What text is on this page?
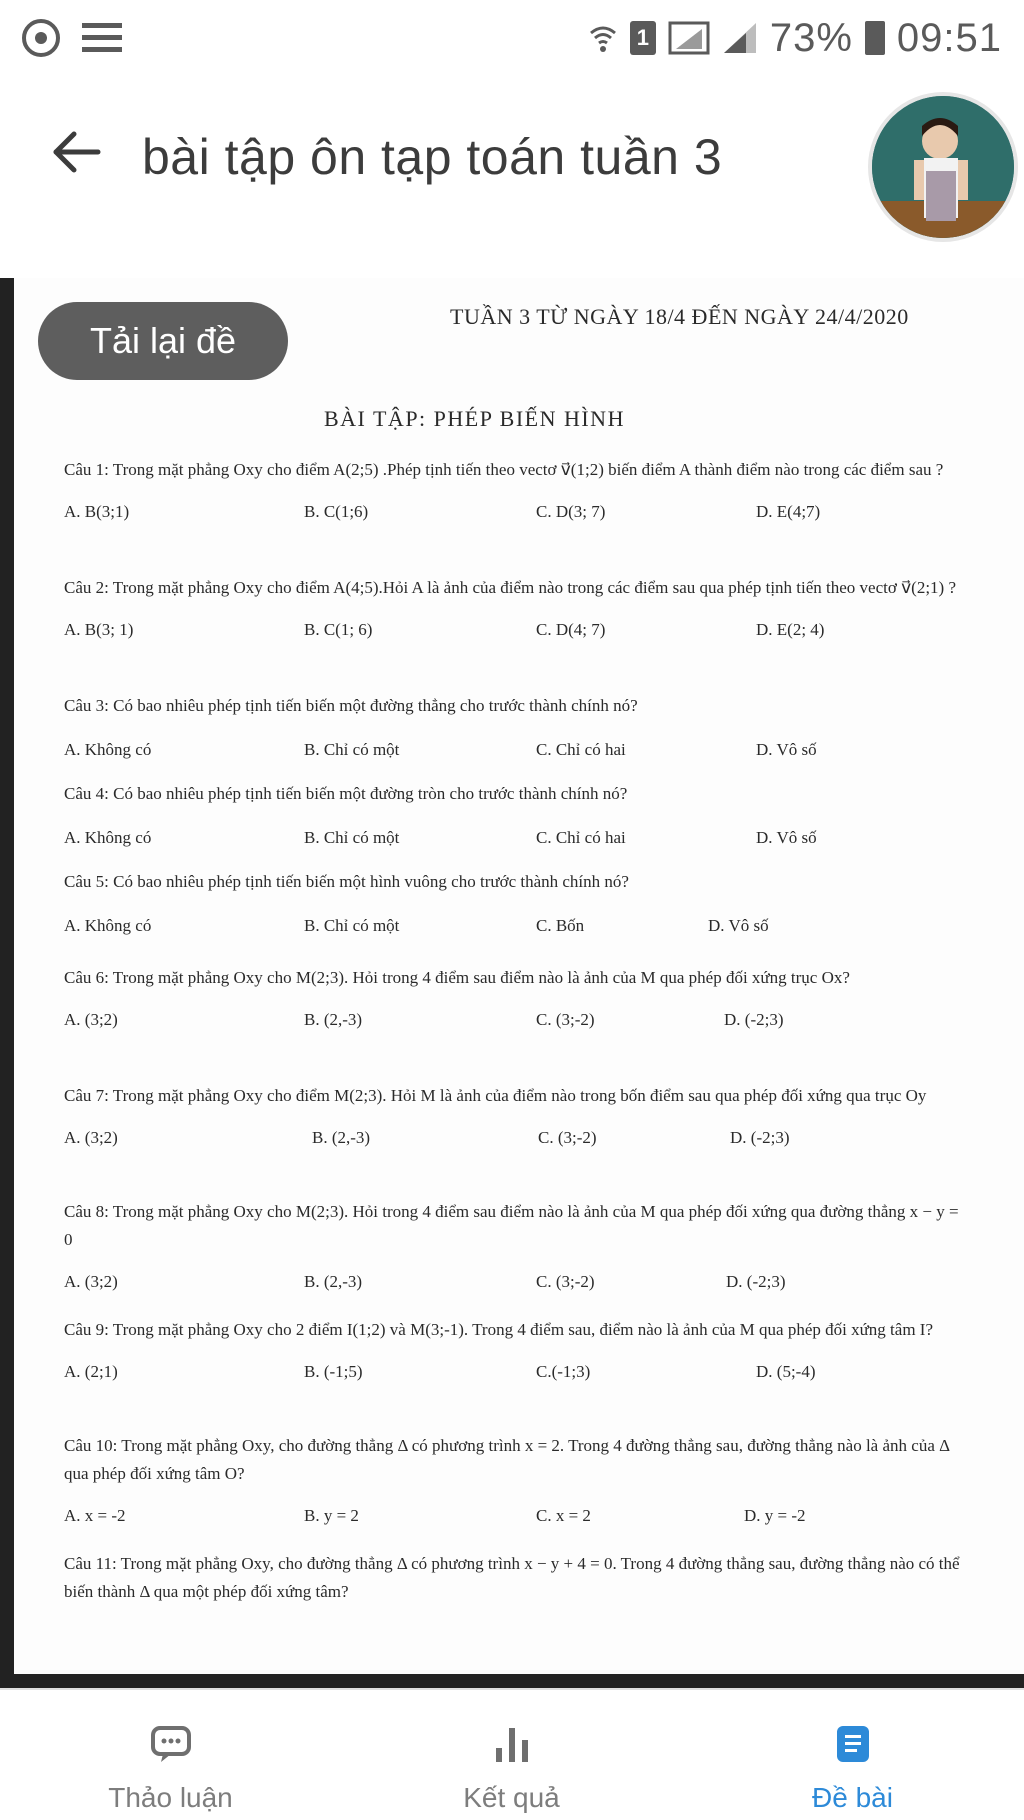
1	73% 09:51
bài tập ôn tạp toán tuần 3
Tải lại đề
TUẦN 3 TỪ NGÀY 18/4 ĐẾN NGÀY 24/4/2020
BÀI TẬP: PHÉP BIẾN HÌNH
Câu 1: Trong mặt phẳng Oxy cho điểm A(2;5) .Phép tịnh tiến theo vectơ v⃗(1;2) biến điểm A thành điểm nào trong các điểm sau ?
A. B(3;1)	B. C(1;6)	C. D(3; 7)	D. E(4;7)
Câu 2: Trong mặt phẳng Oxy cho điểm A(4;5).Hỏi A là ảnh của điểm nào trong các điểm sau qua phép tịnh tiến theo vectơ v⃗(2;1) ?
A. B(3; 1)	B. C(1; 6)	C. D(4; 7)	D. E(2; 4)
Câu 3: Có bao nhiêu phép tịnh tiến biến một đường thẳng cho trước thành chính nó?
A. Không có	B. Chỉ có một	C. Chỉ có hai	D. Vô số
Câu 4: Có bao nhiêu phép tịnh tiến biến một đường tròn cho trước thành chính nó?
A. Không có	B. Chỉ có một	C. Chỉ có hai	D. Vô số
Câu 5: Có bao nhiêu phép tịnh tiến biến một hình vuông cho trước thành chính nó?
A. Không có	B. Chỉ có một	C. Bốn	D. Vô số
Câu 6: Trong mặt phẳng Oxy cho M(2;3). Hỏi trong 4 điểm sau điểm nào là ảnh của M qua phép đối xứng trục Ox?
A. (3;2)	B. (2,-3)	C. (3;-2)	D. (-2;3)
Câu 7: Trong mặt phẳng Oxy cho điểm M(2;3). Hỏi M là ảnh của điểm nào trong bốn điểm sau qua phép đối xứng qua trục Oy
A. (3;2)	B. (2,-3)	C. (3;-2)	D. (-2;3)
Câu 8: Trong mặt phẳng Oxy cho M(2;3). Hỏi trong 4 điểm sau điểm nào là ảnh của M qua phép đối xứng qua đường thẳng x − y = 0
A. (3;2)	B. (2,-3)	C. (3;-2)	D. (-2;3)
Câu 9: Trong mặt phẳng Oxy cho 2 điểm I(1;2) và M(3;-1). Trong 4 điểm sau, điểm nào là ảnh của M qua phép đối xứng tâm I?
A. (2;1)	B. (-1;5)	C.(-1;3)	D. (5;-4)
Câu 10: Trong mặt phẳng Oxy, cho đường thẳng Δ có phương trình x = 2. Trong 4 đường thẳng sau, đường thẳng nào là ảnh của Δ qua phép đối xứng tâm O?
A. x = -2	B. y = 2	C. x = 2	D. y = -2
Câu 11: Trong mặt phẳng Oxy, cho đường thẳng Δ có phương trình x − y + 4 = 0. Trong 4 đường thẳng sau, đường thẳng nào có thể biến thành Δ qua một phép đối xứng tâm?
Thảo luận	Kết quả	Đề bài
